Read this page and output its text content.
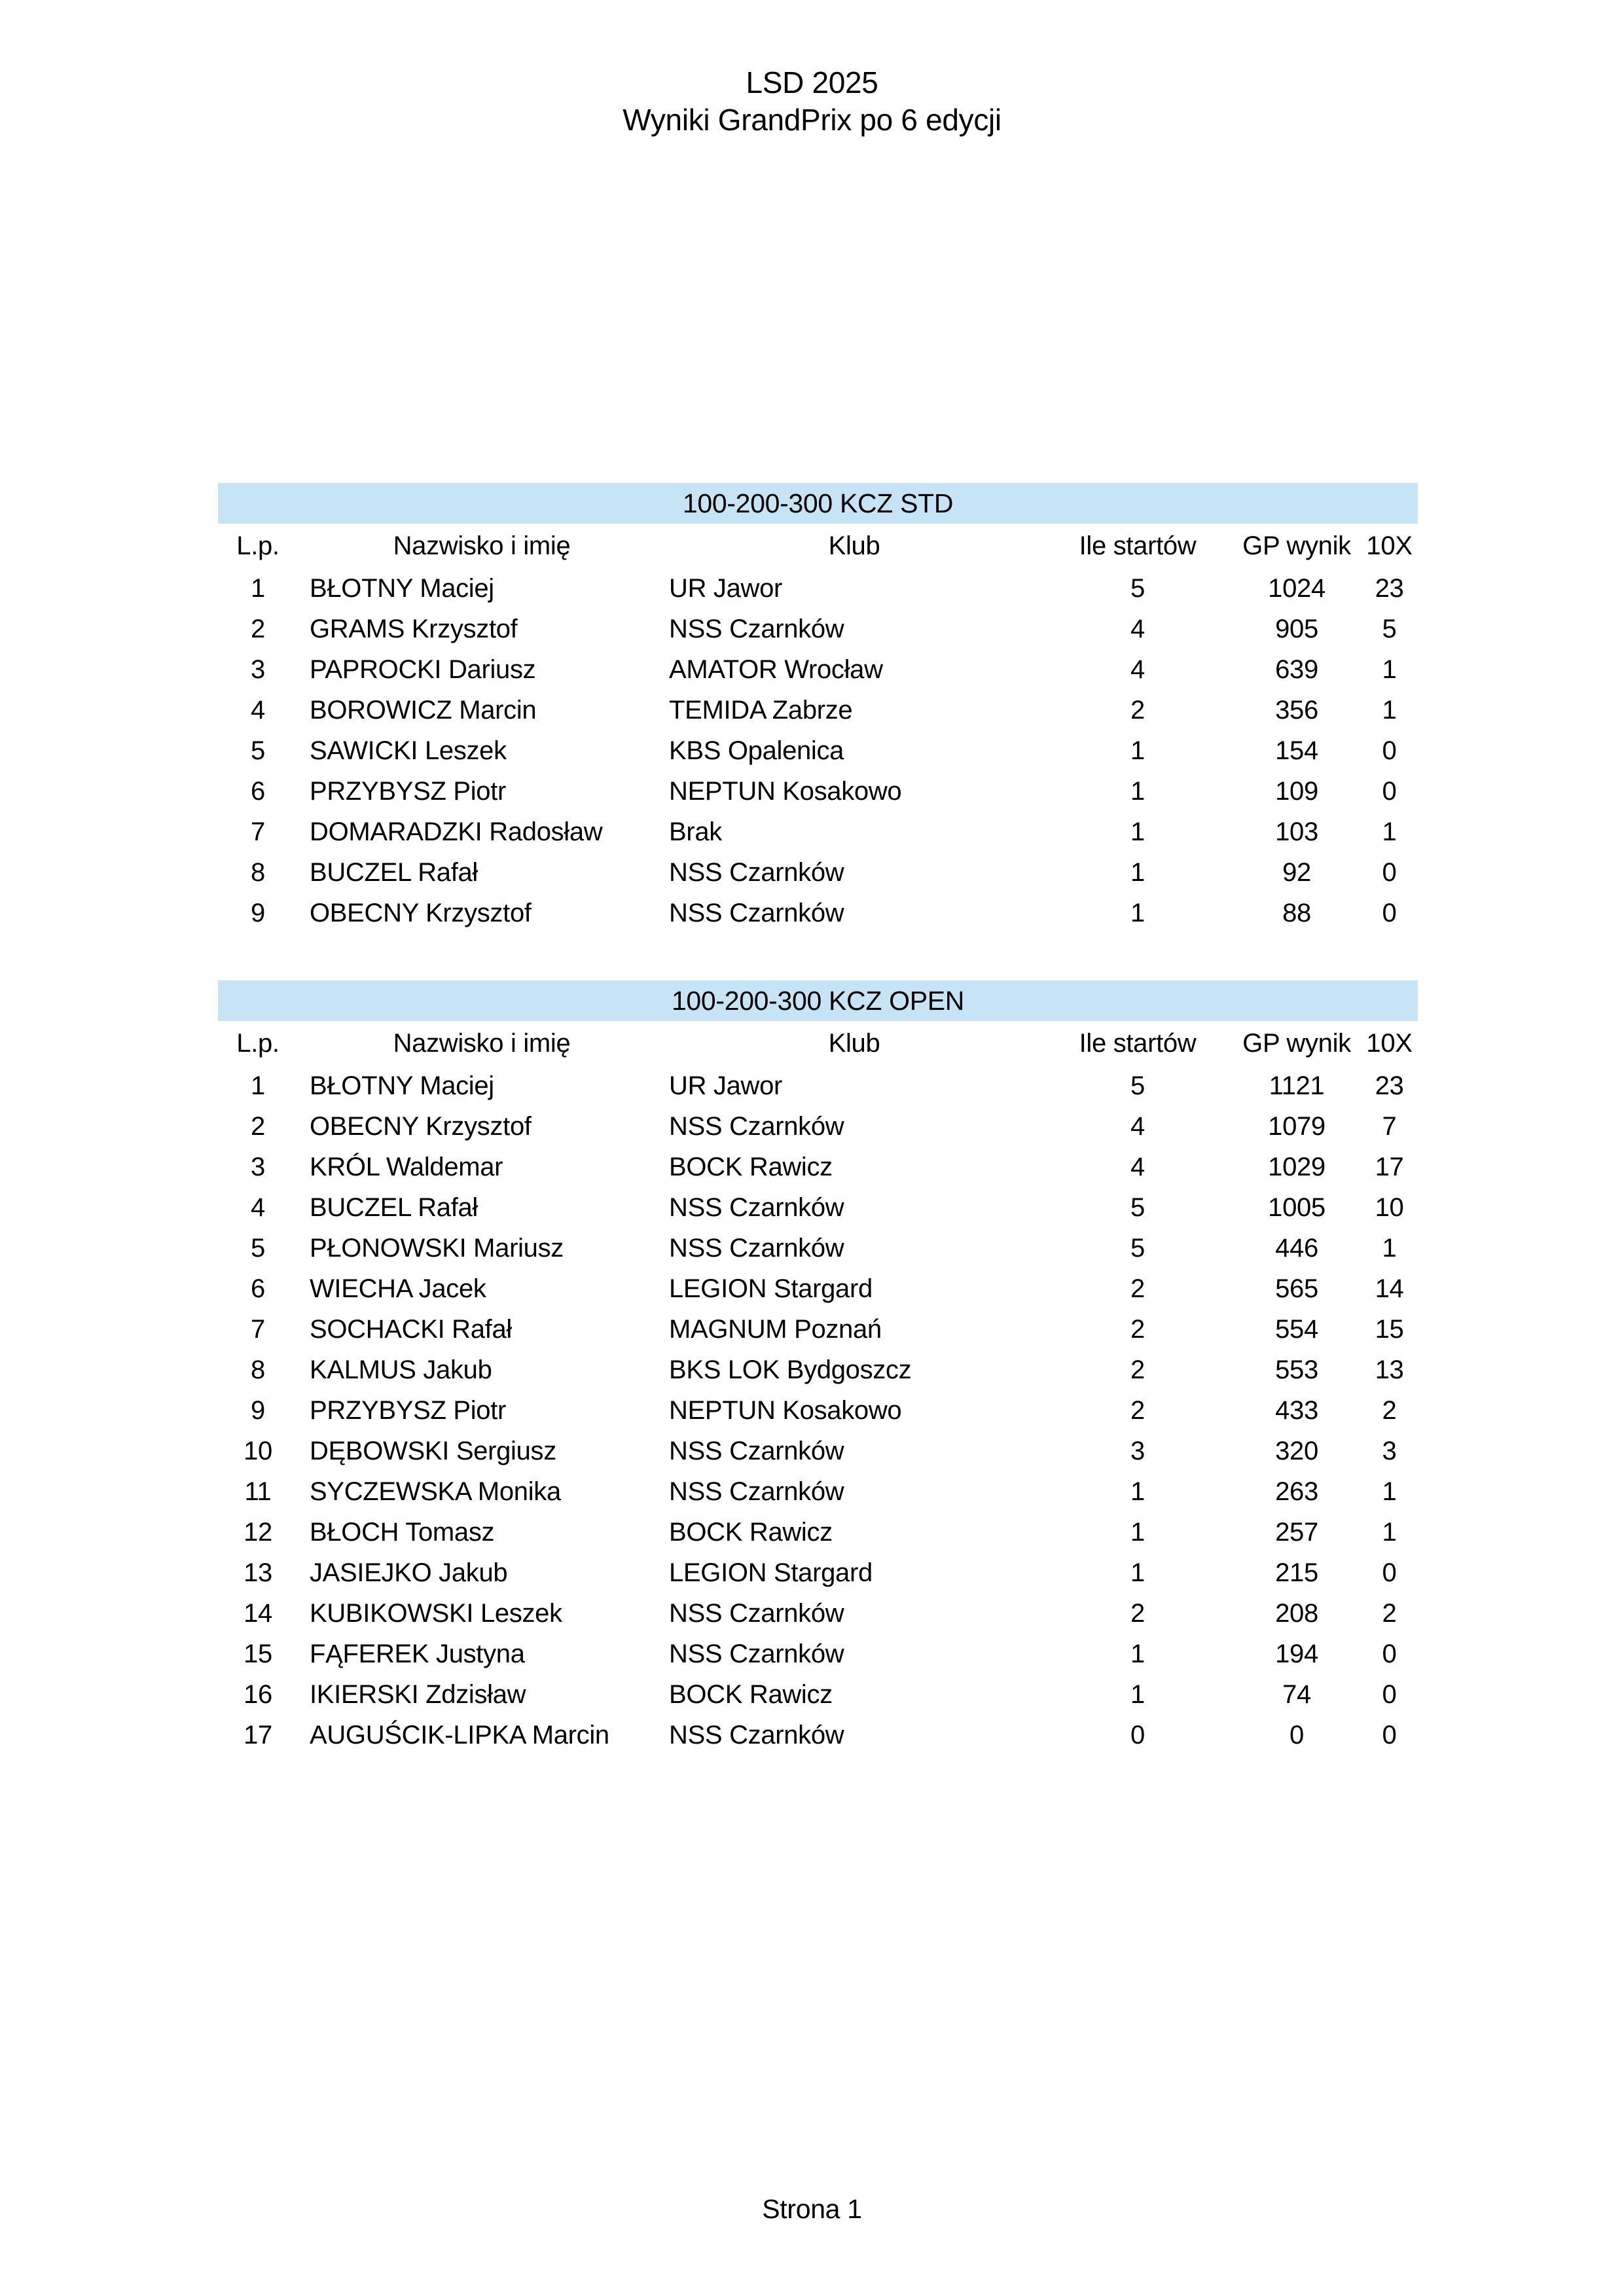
LSD 2025
Wyniki GrandPrix po 6 edycji
100-200-300 KCZ STD
L.p.	Nazwisko i imię	Klub	Ile startów	GP wynik	10X
1	BŁOTNY Maciej	UR Jawor	5	1024	23
2	GRAMS Krzysztof	NSS Czarnków	4	905	5
3	PAPROCKI Dariusz	AMATOR Wrocław	4	639	1
4	BOROWICZ Marcin	TEMIDA Zabrze	2	356	1
5	SAWICKI Leszek	KBS Opalenica	1	154	0
6	PRZYBYSZ Piotr	NEPTUN Kosakowo	1	109	0
7	DOMARADZKI Radosław	Brak	1	103	1
8	BUCZEL Rafał	NSS Czarnków	1	92	0
9	OBECNY Krzysztof	NSS Czarnków	1	88	0
100-200-300 KCZ OPEN
L.p.	Nazwisko i imię	Klub	Ile startów	GP wynik	10X
1	BŁOTNY Maciej	UR Jawor	5	1121	23
2	OBECNY Krzysztof	NSS Czarnków	4	1079	7
3	KRÓL Waldemar	BOCK Rawicz	4	1029	17
4	BUCZEL Rafał	NSS Czarnków	5	1005	10
5	PŁONOWSKI Mariusz	NSS Czarnków	5	446	1
6	WIECHA Jacek	LEGION Stargard	2	565	14
7	SOCHACKI Rafał	MAGNUM Poznań	2	554	15
8	KALMUS Jakub	BKS LOK Bydgoszcz	2	553	13
9	PRZYBYSZ Piotr	NEPTUN Kosakowo	2	433	2
10	DĘBOWSKI Sergiusz	NSS Czarnków	3	320	3
11	SYCZEWSKA Monika	NSS Czarnków	1	263	1
12	BŁOCH Tomasz	BOCK Rawicz	1	257	1
13	JASIEJKO Jakub	LEGION Stargard	1	215	0
14	KUBIKOWSKI Leszek	NSS Czarnków	2	208	2
15	FĄFEREK Justyna	NSS Czarnków	1	194	0
16	IKIERSKI Zdzisław	BOCK Rawicz	1	74	0
17	AUGUŚCIK-LIPKA Marcin	NSS Czarnków	0	0	0
Strona 1
